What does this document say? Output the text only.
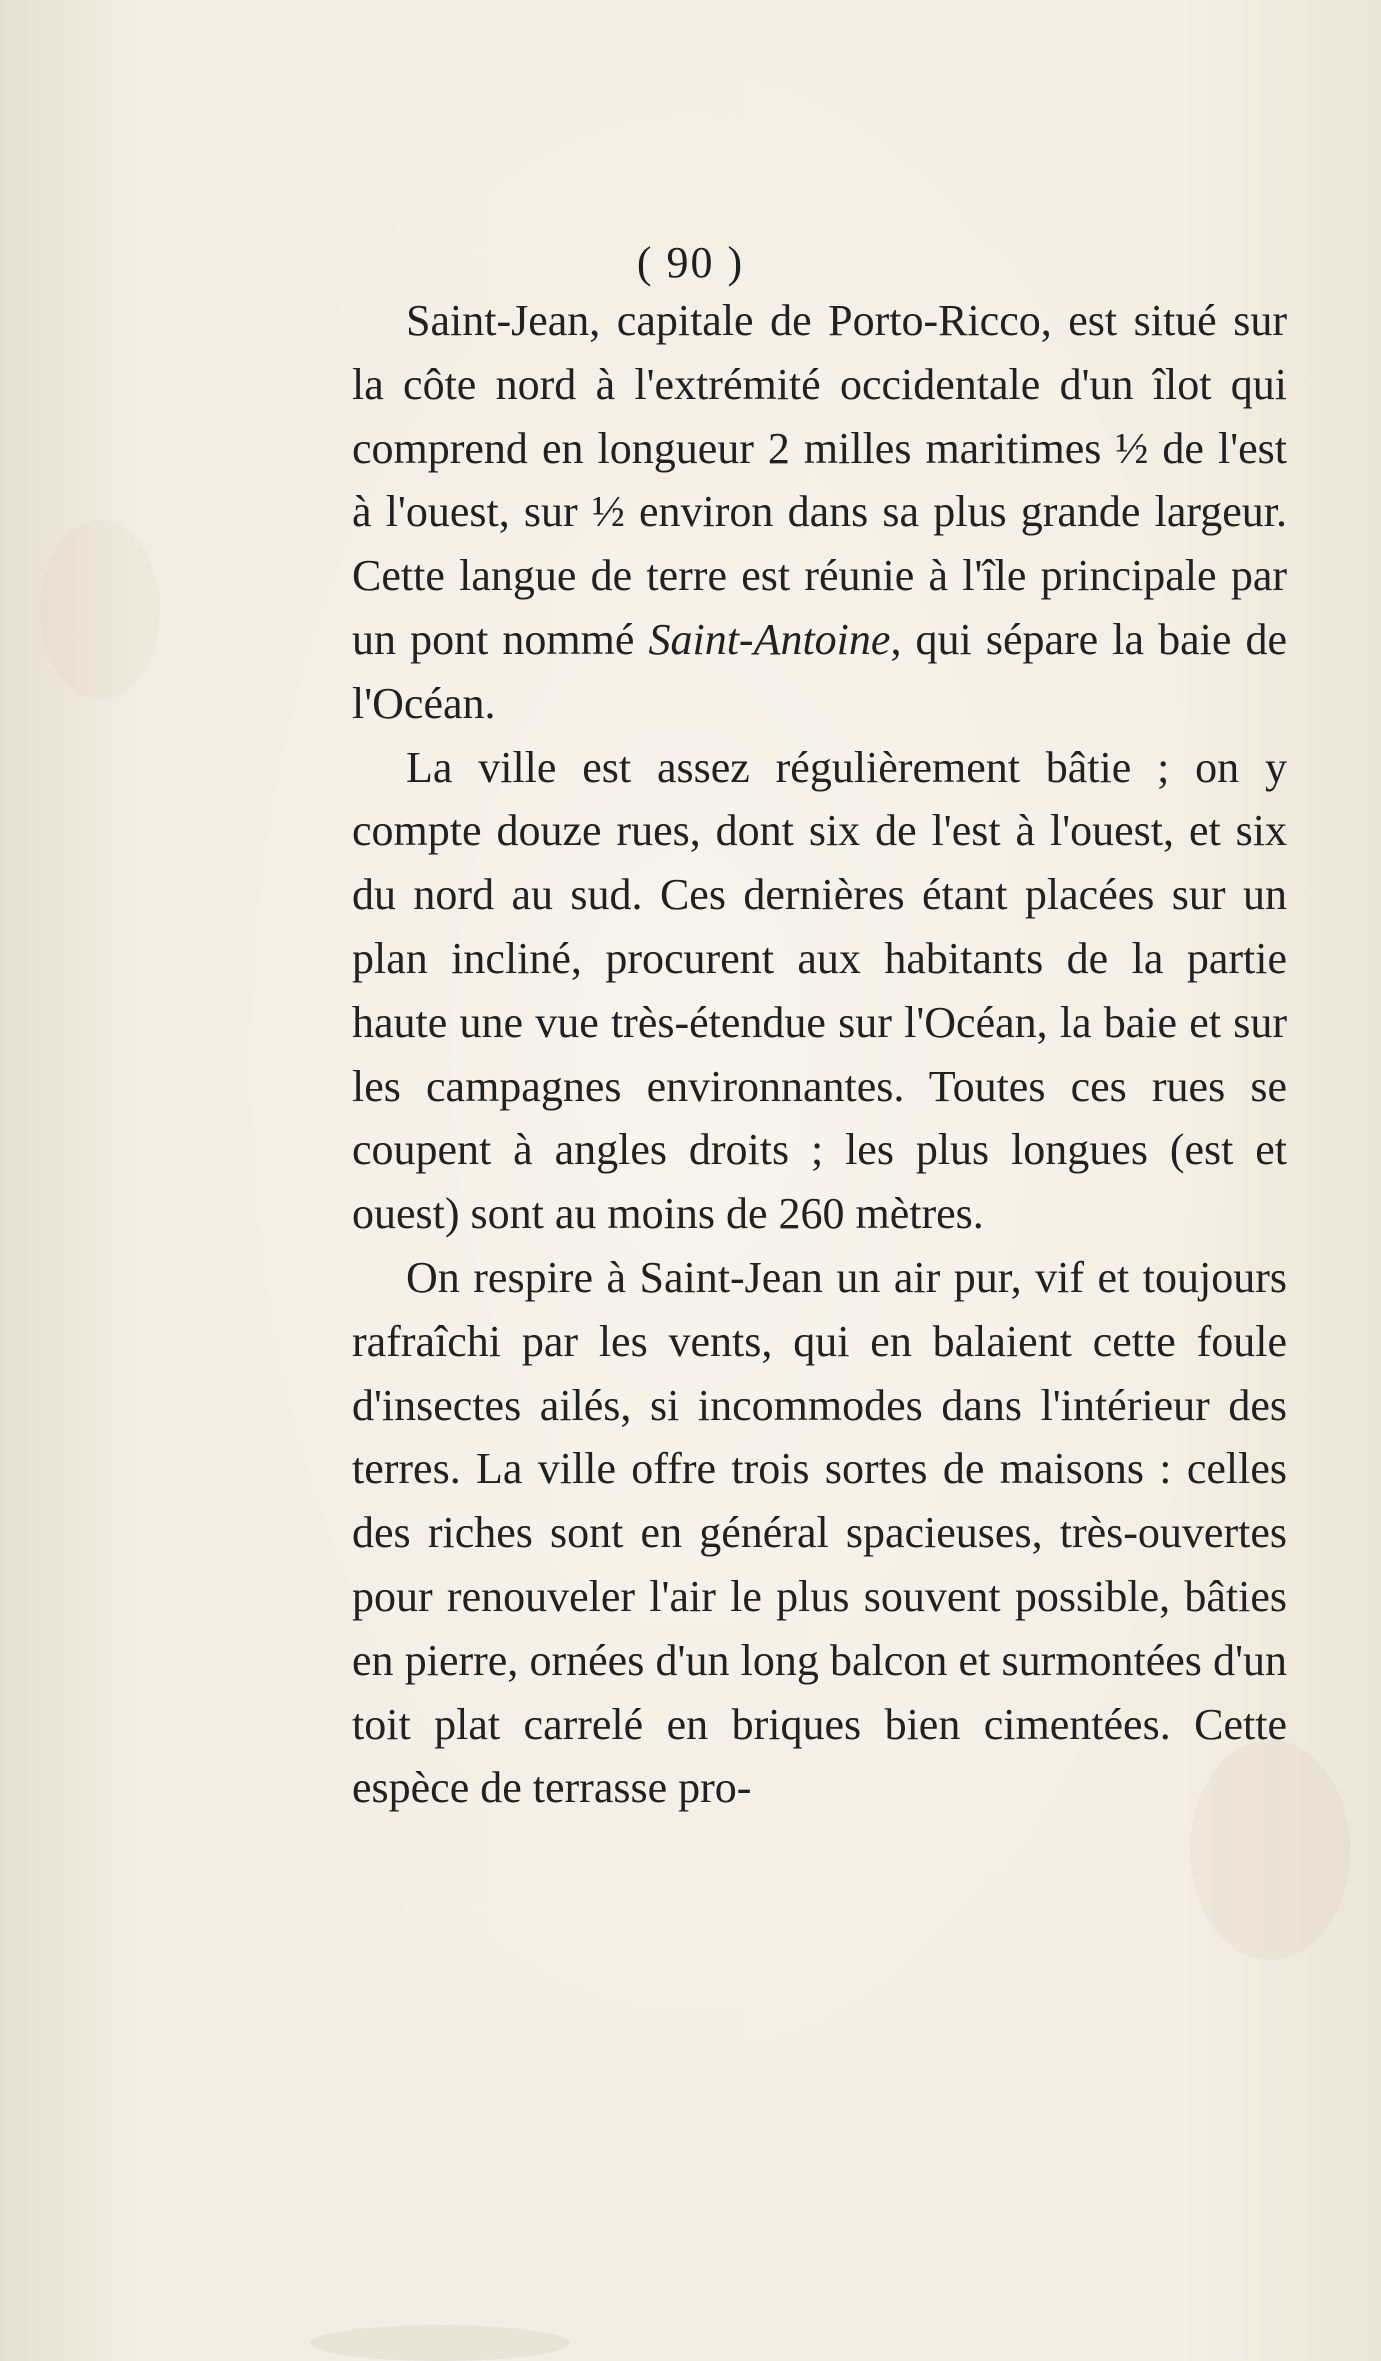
( 90 )

Saint-Jean, capitale de Porto-Ricco, est situé sur la côte nord à l'extrémité occidentale d'un îlot qui comprend en longueur 2 milles maritimes ½ de l'est à l'ouest, sur ½ environ dans sa plus grande largeur. Cette langue de terre est réunie à l'île principale par un pont nommé Saint-Antoine, qui sépare la baie de l'Océan.

La ville est assez régulièrement bâtie ; on y compte douze rues, dont six de l'est à l'ouest, et six du nord au sud. Ces dernières étant placées sur un plan incliné, procurent aux habitants de la partie haute une vue très-étendue sur l'Océan, la baie et sur les campagnes environnantes. Toutes ces rues se coupent à angles droits ; les plus longues (est et ouest) sont au moins de 260 mètres.

On respire à Saint-Jean un air pur, vif et toujours rafraîchi par les vents, qui en balaient cette foule d'insectes ailés, si incommodes dans l'intérieur des terres. La ville offre trois sortes de maisons : celles des riches sont en général spacieuses, très-ouvertes pour renouveler l'air le plus souvent possible, bâties en pierre, ornées d'un long balcon et surmontées d'un toit plat carrelé en briques bien cimentées. Cette espèce de terrasse pro-
